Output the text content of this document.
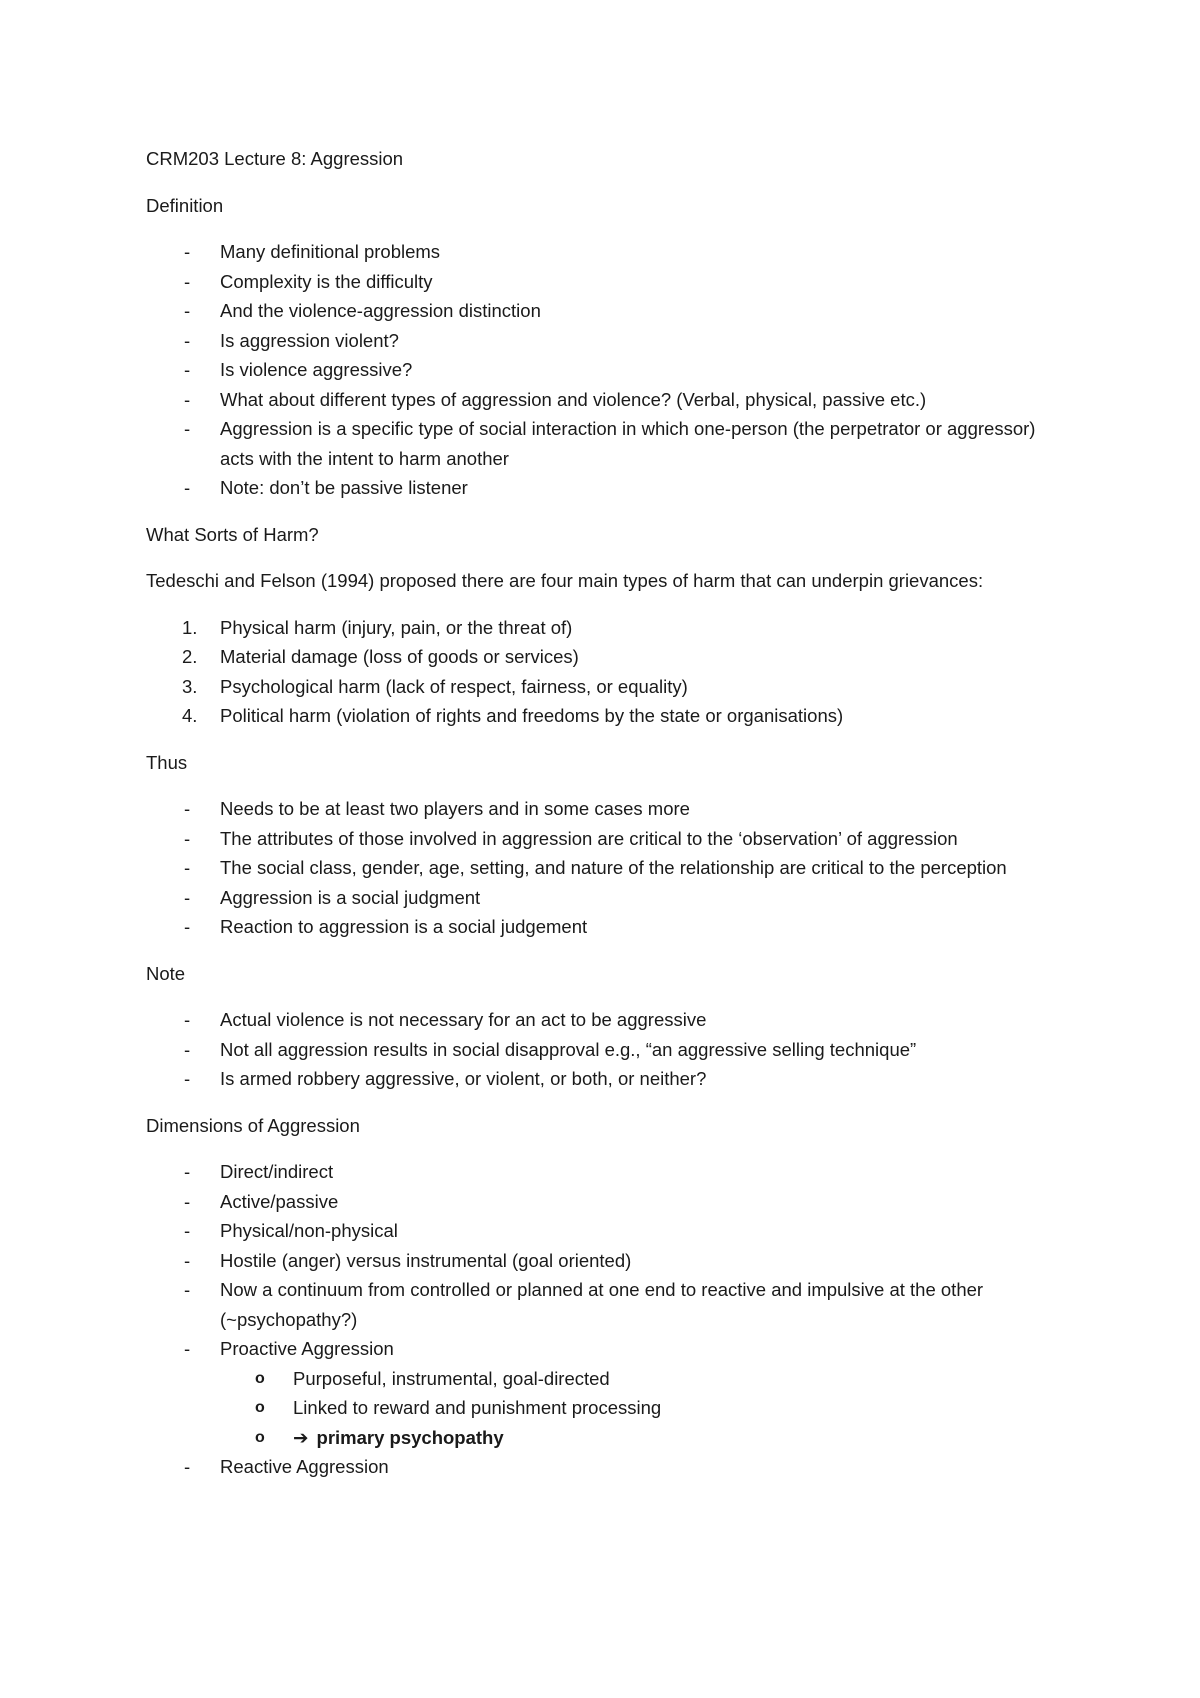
CRM203 Lecture 8: Aggression

Definition

- Many definitional problems
- Complexity is the difficulty
- And the violence-aggression distinction
- Is aggression violent?
- Is violence aggressive?
- What about different types of aggression and violence? (Verbal, physical, passive etc.)
- Aggression is a specific type of social interaction in which one-person (the perpetrator or aggressor) acts with the intent to harm another
- Note: don’t be passive listener

What Sorts of Harm?

Tedeschi and Felson (1994) proposed there are four main types of harm that can underpin grievances:

1. Physical harm (injury, pain, or the threat of)
2. Material damage (loss of goods or services)
3. Psychological harm (lack of respect, fairness, or equality)
4. Political harm (violation of rights and freedoms by the state or organisations)

Thus

- Needs to be at least two players and in some cases more
- The attributes of those involved in aggression are critical to the ‘observation’ of aggression
- The social class, gender, age, setting, and nature of the relationship are critical to the perception
- Aggression is a social judgment
- Reaction to aggression is a social judgement

Note

- Actual violence is not necessary for an act to be aggressive
- Not all aggression results in social disapproval e.g., “an aggressive selling technique”
- Is armed robbery aggressive, or violent, or both, or neither?

Dimensions of Aggression

- Direct/indirect
- Active/passive
- Physical/non-physical
- Hostile (anger) versus instrumental (goal oriented)
- Now a continuum from controlled or planned at one end to reactive and impulsive at the other (~psychopathy?)
- Proactive Aggression
o Purposeful, instrumental, goal-directed
o Linked to reward and punishment processing
o ➔ primary psychopathy
- Reactive Aggression
